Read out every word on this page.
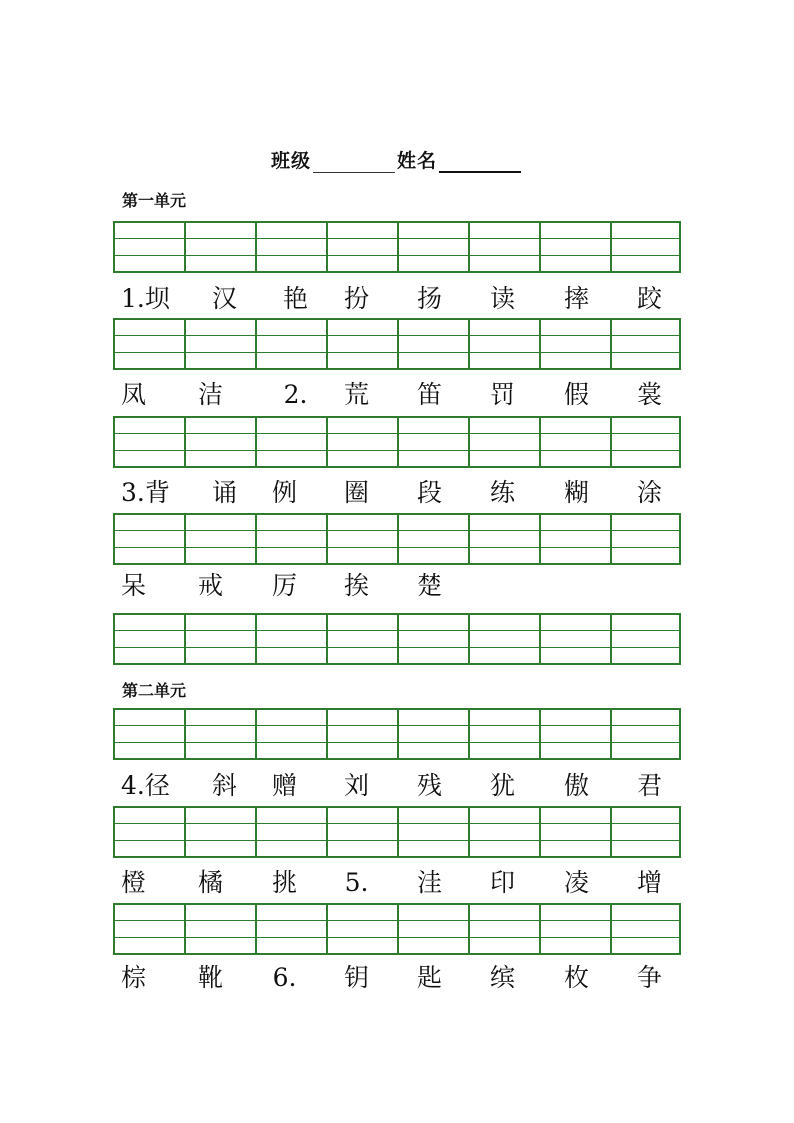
班级	姓名
第一单元
1.坝	汉	艳	扮	扬	读	摔	跤
凤	洁	2.	荒	笛	罚	假	裳
3.背	诵	例	圈	段	练	糊	涂
呆	戒	厉	挨	楚
第二单元
4.径	斜	赠	刘	残	犹	傲	君
橙	橘	挑	5.	洼	印	凌	增
棕	靴	6.	钥	匙	缤	枚	争
